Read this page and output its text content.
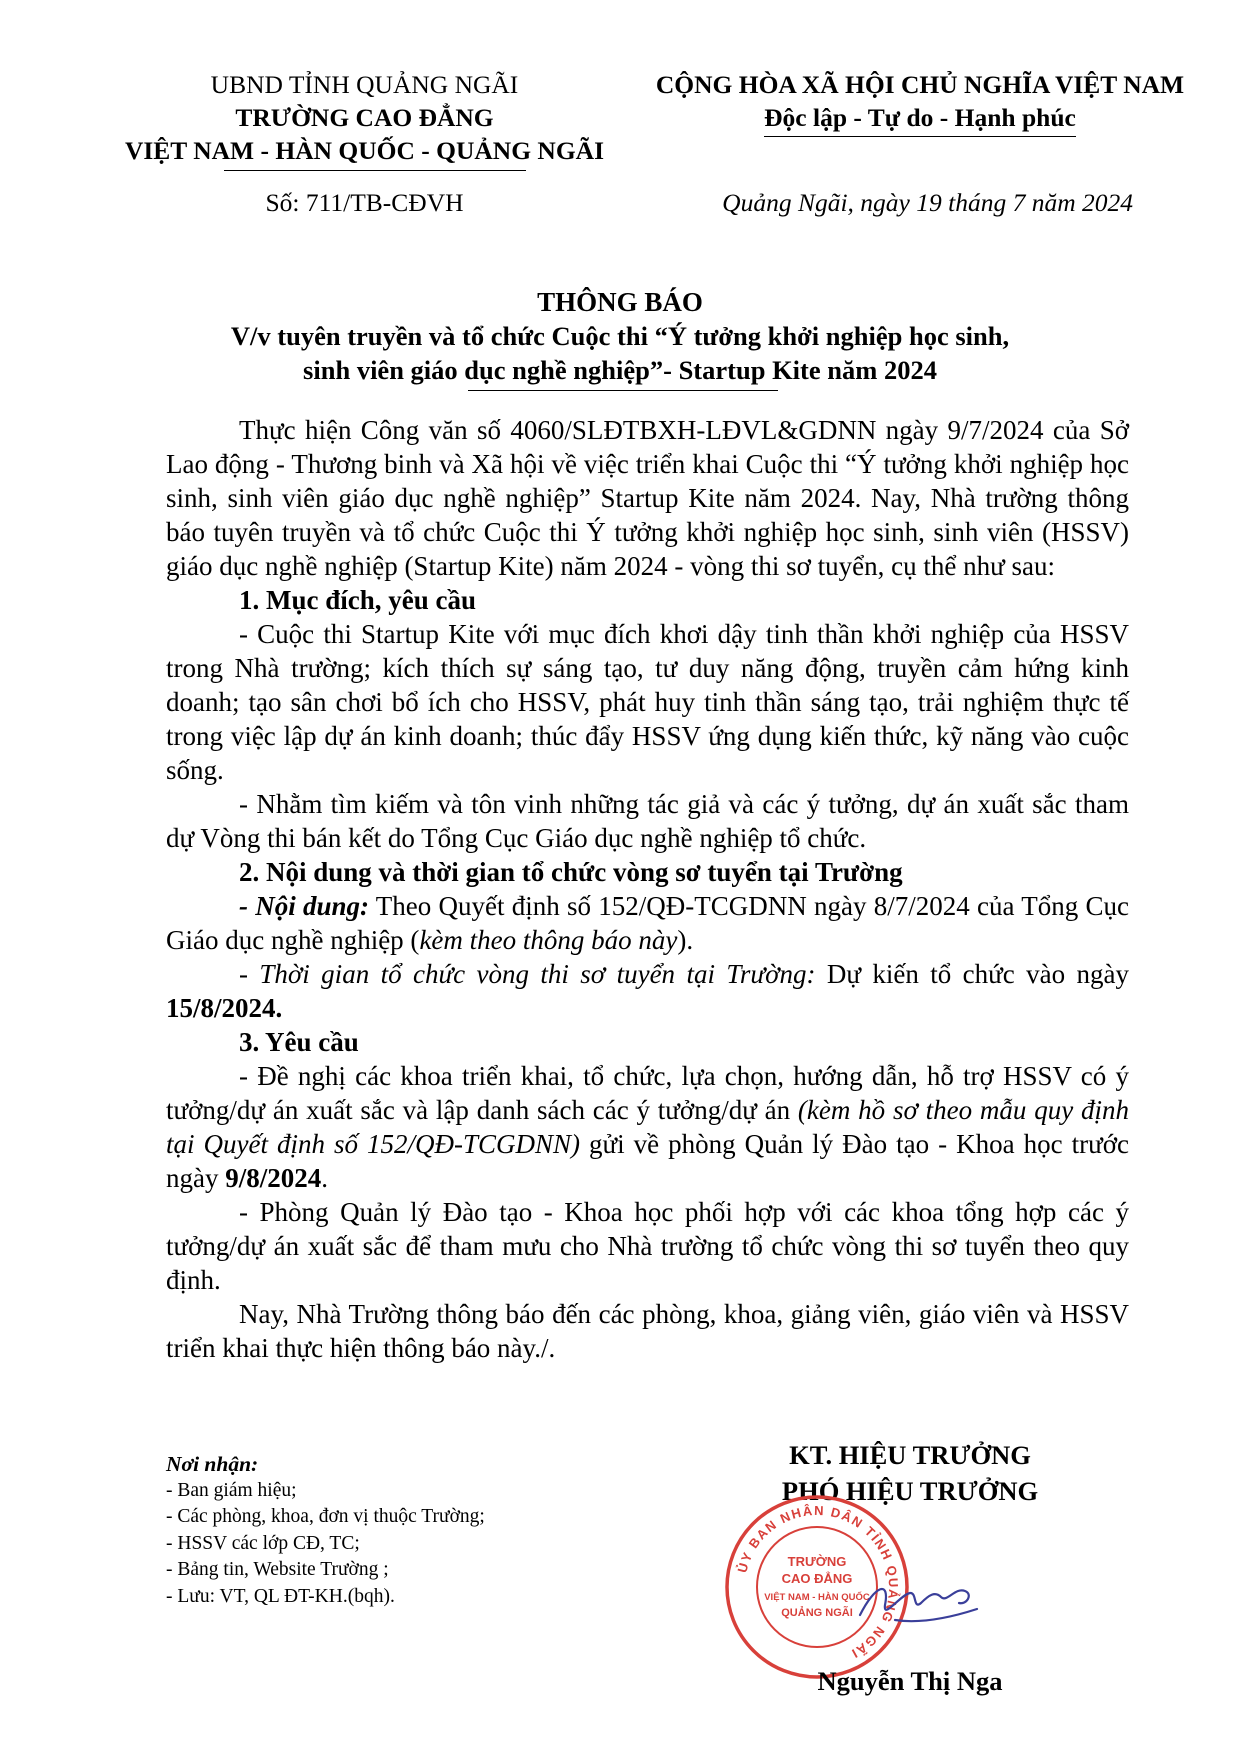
UBND TỈNH QUẢNG NGÃI
TRƯỜNG CAO ĐẲNG
VIỆT NAM - HÀN QUỐC - QUẢNG NGÃI
CỘNG HÒA XÃ HỘI CHỦ NGHĨA VIỆT NAM
Độc lập - Tự do - Hạnh phúc
Số: 711/TB-CĐVH	Quảng Ngãi, ngày 19 tháng 7 năm 2024
THÔNG BÁO
V/v tuyên truyền và tổ chức Cuộc thi “Ý tưởng khởi nghiệp học sinh,
sinh viên giáo dục nghề nghiệp”- Startup Kite năm 2024

Thực hiện Công văn số 4060/SLĐTBXH-LĐVL&GDNN ngày 9/7/2024 của Sở Lao động - Thương binh và Xã hội về việc triển khai Cuộc thi “Ý tưởng khởi nghiệp học sinh, sinh viên giáo dục nghề nghiệp” Startup Kite năm 2024. Nay, Nhà trường thông báo tuyên truyền và tổ chức Cuộc thi Ý tưởng khởi nghiệp học sinh, sinh viên (HSSV) giáo dục nghề nghiệp (Startup Kite) năm 2024 - vòng thi sơ tuyển, cụ thể như sau:

1. Mục đích, yêu cầu

- Cuộc thi Startup Kite với mục đích khơi dậy tinh thần khởi nghiệp của HSSV trong Nhà trường; kích thích sự sáng tạo, tư duy năng động, truyền cảm hứng kinh doanh; tạo sân chơi bổ ích cho HSSV, phát huy tinh thần sáng tạo, trải nghiệm thực tế trong việc lập dự án kinh doanh; thúc đẩy HSSV ứng dụng kiến thức, kỹ năng vào cuộc sống.

- Nhằm tìm kiếm và tôn vinh những tác giả và các ý tưởng, dự án xuất sắc tham dự Vòng thi bán kết do Tổng Cục Giáo dục nghề nghiệp tổ chức.

2. Nội dung và thời gian tổ chức vòng sơ tuyển tại Trường

- Nội dung: Theo Quyết định số 152/QĐ-TCGDNN ngày 8/7/2024 của Tổng Cục Giáo dục nghề nghiệp (kèm theo thông báo này).

- Thời gian tổ chức vòng thi sơ tuyển tại Trường: Dự kiến tổ chức vào ngày 15/8/2024.

3. Yêu cầu

- Đề nghị các khoa triển khai, tổ chức, lựa chọn, hướng dẫn, hỗ trợ HSSV có ý tưởng/dự án xuất sắc và lập danh sách các ý tưởng/dự án (kèm hồ sơ theo mẫu quy định tại Quyết định số 152/QĐ-TCGDNN) gửi về phòng Quản lý Đào tạo - Khoa học trước ngày 9/8/2024.

- Phòng Quản lý Đào tạo - Khoa học phối hợp với các khoa tổng hợp các ý tưởng/dự án xuất sắc để tham mưu cho Nhà trường tổ chức vòng thi sơ tuyển theo quy định.

Nay, Nhà Trường thông báo đến các phòng, khoa, giảng viên, giáo viên và HSSV triển khai thực hiện thông báo này./.

Nơi nhận:
- Ban giám hiệu;
- Các phòng, khoa, đơn vị thuộc Trường;
- HSSV các lớp CĐ, TC;
- Bảng tin, Website Trường ;
- Lưu: VT, QL ĐT-KH.(bqh).
KT. HIỆU TRƯỞNG
PHÓ HIỆU TRƯỞNG
ỦY BAN NHÂN DÂN TỈNH QUẢNG NGÃI
TRƯỜNG
CAO ĐẲNG
VIỆT NAM - HÀN QUỐC
QUẢNG NGÃI
Nguyễn Thị Nga
